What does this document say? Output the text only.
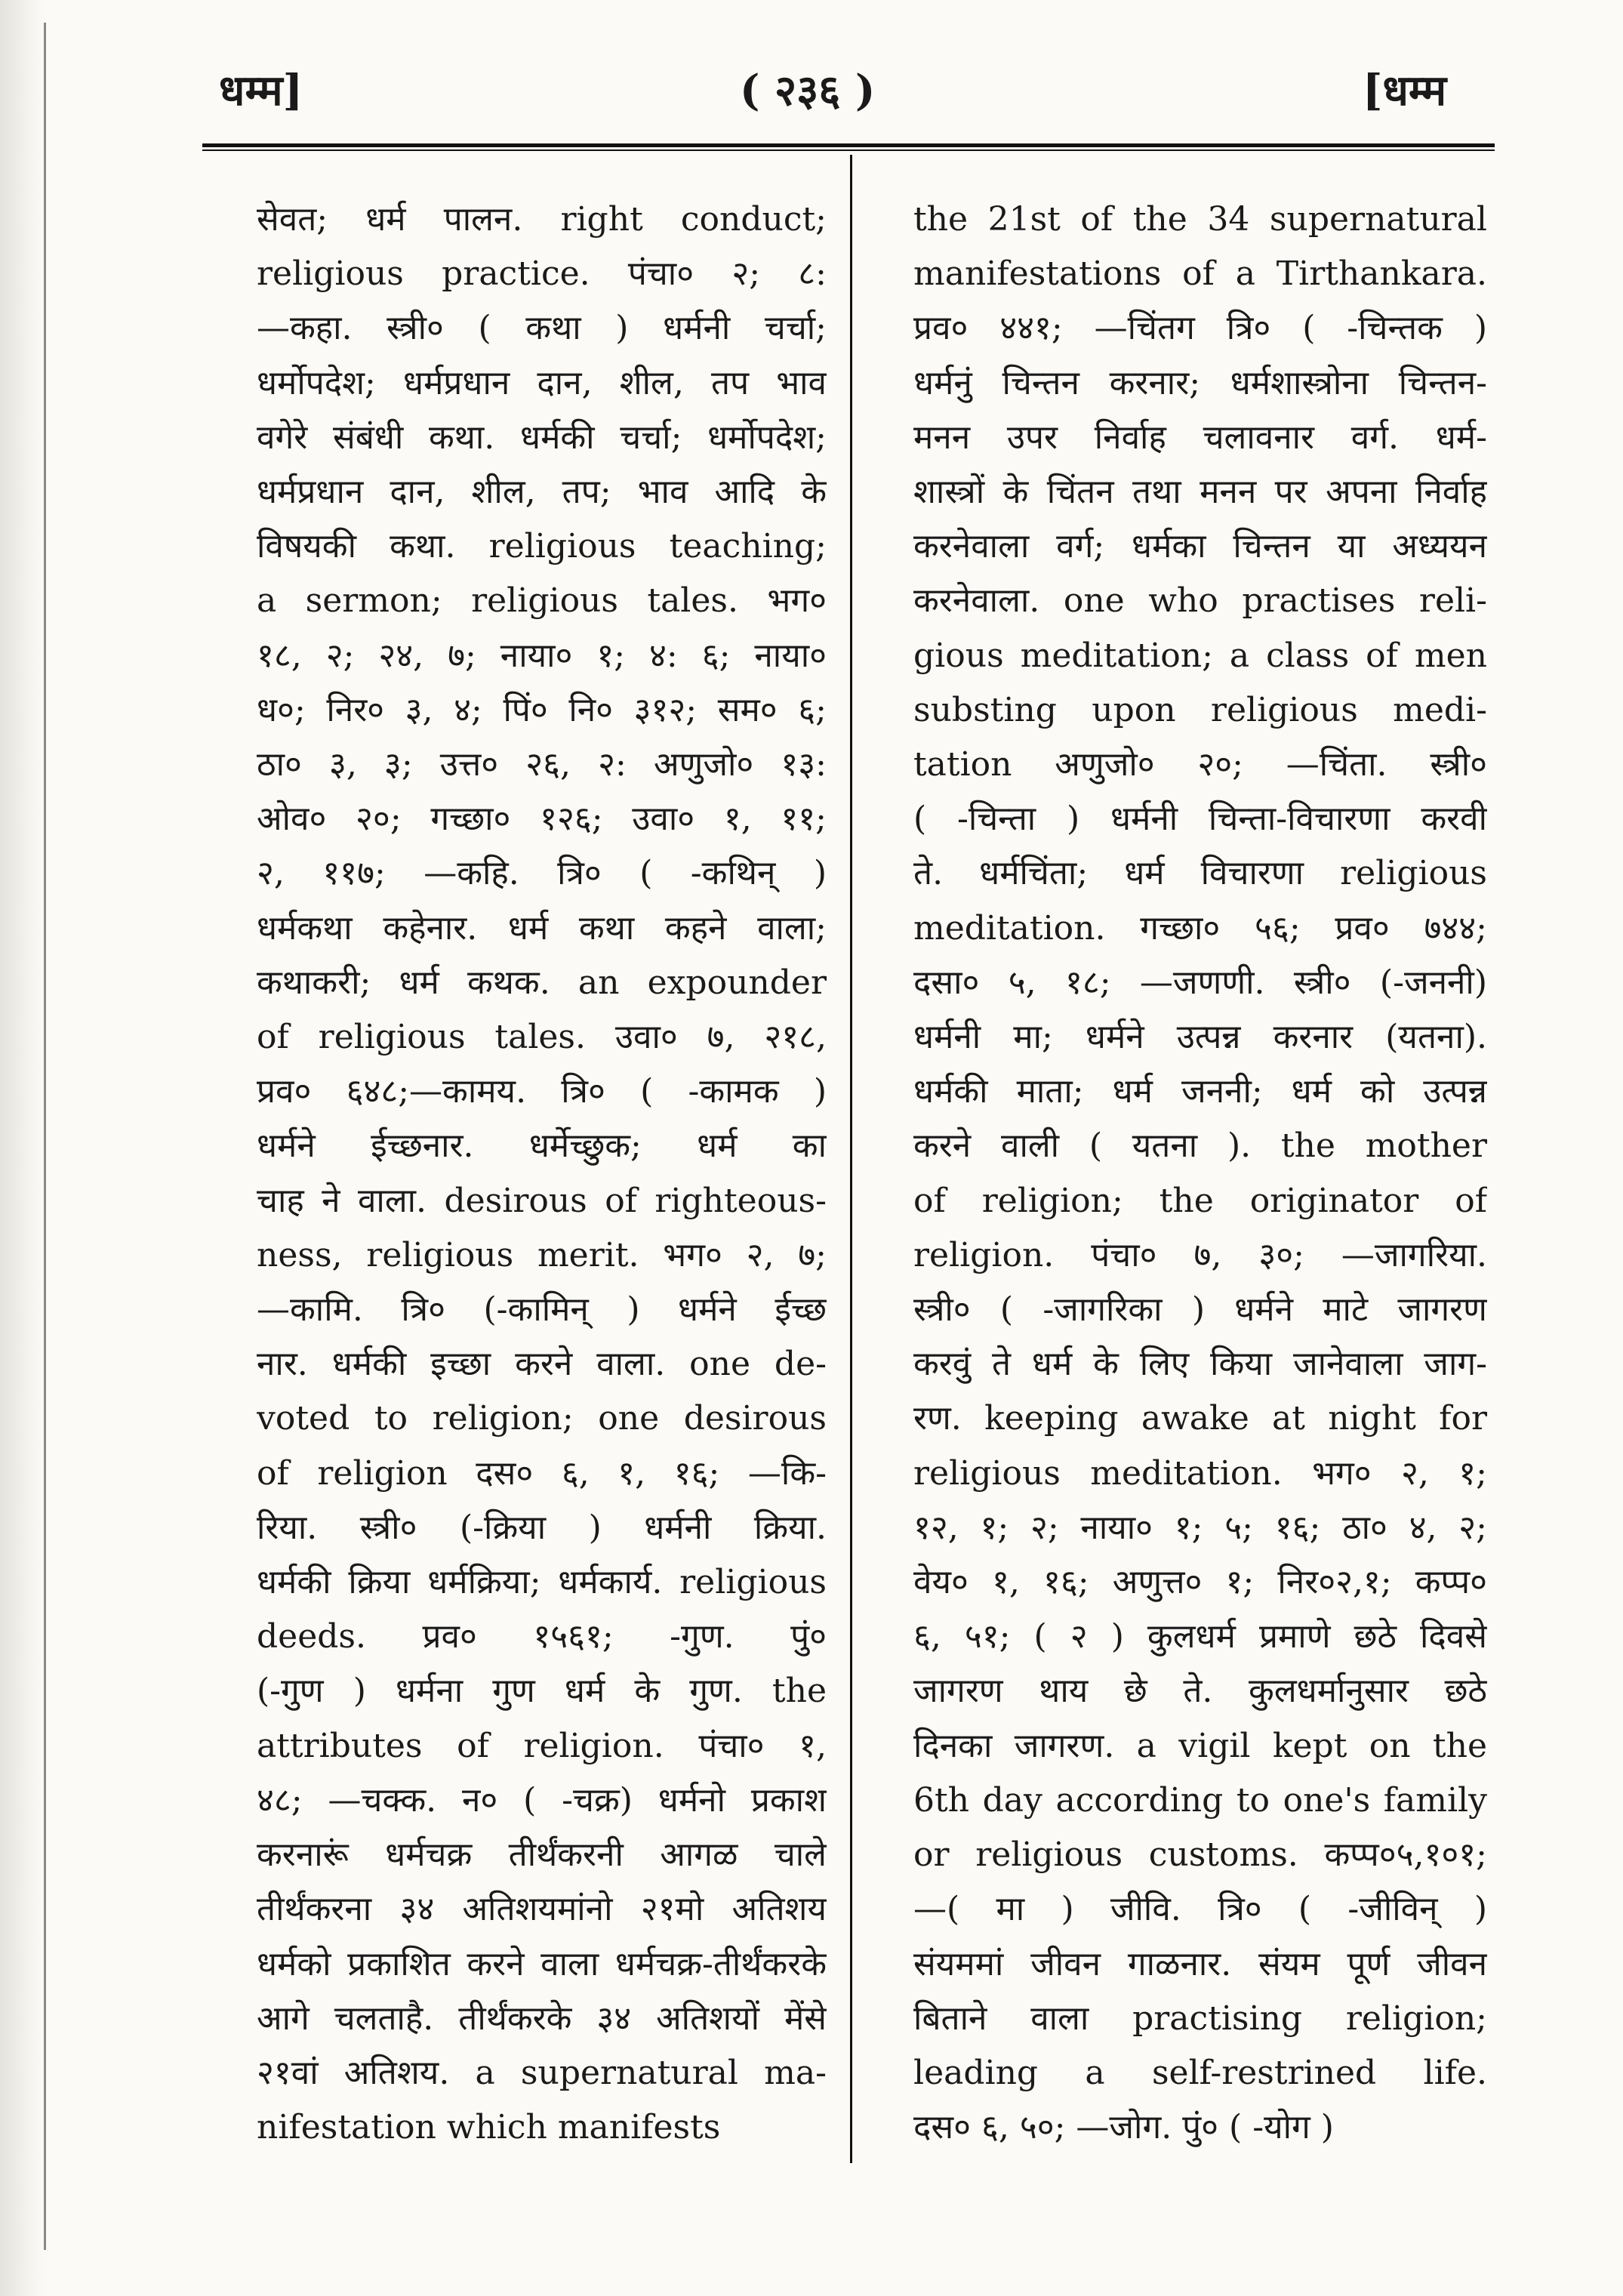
धम्म]	( २३६ )	[धम्म
सेवत; धर्म पालन. right conduct;
religious practice. पंचा० २; ८:
—कहा. स्त्री० ( कथा ) धर्मनी चर्चा;
धर्मोपदेश; धर्मप्रधान दान, शील, तप भाव
वगेरे संबंधी कथा. धर्मकी चर्चा; धर्मोपदेश;
धर्मप्रधान दान, शील, तप; भाव आदि के
विषयकी कथा. religious teaching;
a sermon; religious tales. भग०
१८, २; २४, ७; नाया० १; ४: ६; नाया०
ध०; निर० ३, ४; पिं० नि० ३१२; सम० ६;
ठा० ३, ३; उत्त० २६, २: अणुजो० १३:
ओव० २०; गच्छा० १२६; उवा० १, ११;
२, ११७; —कहि. त्रि० ( -कथिन् )
धर्मकथा कहेनार. धर्म कथा कहने वाला;
कथाकरी; धर्म कथक. an expounder
of religious tales. उवा० ७, २१८,
प्रव० ६४८;—कामय. त्रि० ( -कामक )
धर्मने ईच्छनार. धर्मेच्छुक; धर्म का
चाह ने वाला. desirous of righteous-
ness, religious merit. भग० २, ७;
—कामि. त्रि० (-कामिन् ) धर्मने ईच्छ
नार. धर्मकी इच्छा करने वाला. one de-
voted to religion; one desirous
of religion दस० ६, १, १६; —कि-
रिया. स्त्री० (-क्रिया ) धर्मनी क्रिया.
धर्मकी क्रिया धर्मक्रिया; धर्मकार्य. religious
deeds. प्रव० १५६१; -गुण. पुं०
(-गुण ) धर्मना गुण धर्म के गुण. the
attributes of religion. पंचा० १,
४८; —चक्क. न० ( -चक्र) धर्मनो प्रकाश
करनारूं धर्मचक्र तीर्थंकरनी आगळ चाले
तीर्थंकरना ३४ अतिशयमांनो २१मो अतिशय
धर्मको प्रकाशित करने वाला धर्मचक्र-तीर्थंकरके
आगे चलताहै. तीर्थंकरके ३४ अतिशयों मेंसे
२१वां अतिशय. a supernatural ma-
nifestation which manifests
the 21st of the 34 supernatural
manifestations of a Tirthankara.
प्रव० ४४१; —चिंतग त्रि० ( -चिन्तक )
धर्मनुं चिन्तन करनार; धर्मशास्त्रोना चिन्तन-
मनन उपर निर्वाह चलावनार वर्ग. धर्म-
शास्त्रों के चिंतन तथा मनन पर अपना निर्वाह
करनेवाला वर्ग; धर्मका चिन्तन या अध्ययन
करनेवाला. one who practises reli-
gious meditation; a class of men
substing upon religious medi-
tation अणुजो० २०; —चिंता. स्त्री०
( -चिन्ता ) धर्मनी चिन्ता-विचारणा करवी
ते. धर्मचिंता; धर्म विचारणा religious
meditation. गच्छा० ५६; प्रव० ७४४;
दसा० ५, १८; —जणणी. स्त्री० (-जननी)
धर्मनी मा; धर्मने उत्पन्न करनार (यतना).
धर्मकी माता; धर्म जननी; धर्म को उत्पन्न
करने वाली ( यतना ). the mother
of religion; the originator of
religion. पंचा० ७, ३०; —जागरिया.
स्त्री० ( -जागरिका ) धर्मने माटे जागरण
करवुं ते धर्म के लिए किया जानेवाला जाग-
रण. keeping awake at night for
religious meditation. भग० २, १;
१२, १; २; नाया० १; ५; १६; ठा० ४, २;
वेय० १, १६; अणुत्त० १; निर०२,१; कप्प०
६, ५१; ( २ ) कुलधर्म प्रमाणे छठे दिवसे
जागरण थाय छे ते. कुलधर्मानुसार छठे
दिनका जागरण. a vigil kept on the
6th day according to one's family
or religious customs. कप्प०५,१०१;
—( मा ) जीवि. त्रि० ( -जीविन् )
संयममां जीवन गाळनार. संयम पूर्ण जीवन
बिताने वाला practising religion;
leading a self-restrined life.
दस० ६, ५०; —जोग. पुं० ( -योग )
